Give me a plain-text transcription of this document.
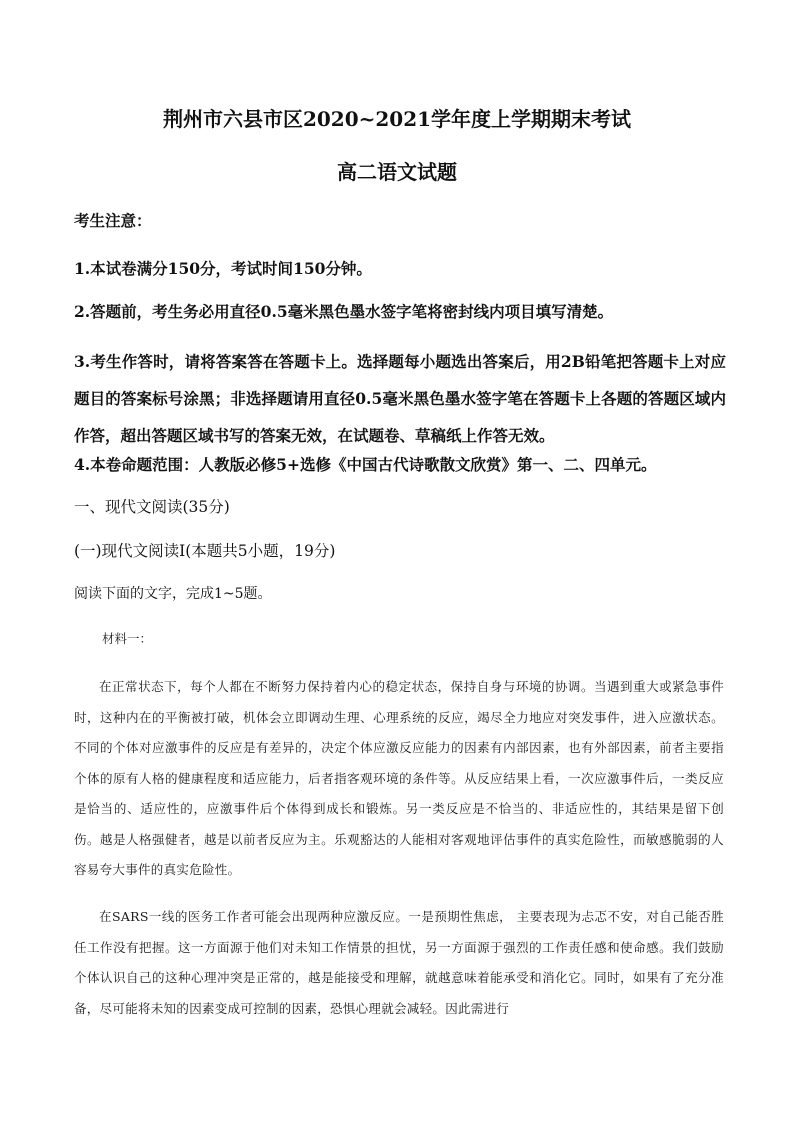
荆州市六县市区2020~2021学年度上学期期末考试
高二语文试题
考生注意：
1.本试卷满分150分，考试时间150分钟。
2.答题前，考生务必用直径0.5毫米黑色墨水签字笔将密封线内项目填写清楚。
3.考生作答时，请将答案答在答题卡上。选择题每小题选出答案后，用2B铅笔把答题卡上对应题目的答案标号涂黑；非选择题请用直径0.5毫米黑色墨水签字笔在答题卡上各题的答题区域内作答，超出答题区域书写的答案无效，在试题卷、草稿纸上作答无效。
4.本卷命题范围：人教版必修5+选修《中国古代诗歌散文欣赏》第一、二、四单元。
一、现代文阅读(35分)
(一)现代文阅读Ⅰ(本题共5小题，19分)
阅读下面的文字，完成1~5题。
材料一：
在正常状态下，每个人都在不断努力保持着内心的稳定状态，保持自身与环境的协调。当遇到重大或紧急事件时，这种内在的平衡被打破，机体会立即调动生理、心理系统的反应，竭尽全力地应对突发事件，进入应激状态。不同的个体对应激事件的反应是有差异的，决定个体应激反应能力的因素有内部因素，也有外部因素，前者主要指个体的原有人格的健康程度和适应能力，后者指客观环境的条件等。从反应结果上看，一次应激事件后，一类反应是恰当的、适应性的，应激事件后个体得到成长和锻炼。另一类反应是不恰当的、非适应性的，其结果是留下创伤。越是人格强健者，越是以前者反应为主。乐观豁达的人能相对客观地评估事件的真实危险性，而敏感脆弱的人容易夸大事件的真实危险性。
在SARS一线的医务工作者可能会出现两种应激反应。一是预期性焦虑， 主要表现为忐忑不安，对自己能否胜任工作没有把握。这一方面源于他们对未知工作情景的担忧，另一方面源于强烈的工作责任感和使命感。我们鼓励个体认识自己的这种心理冲突是正常的，越是能接受和理解，就越意味着能承受和消化它。同时，如果有了充分准备，尽可能将未知的因素变成可控制的因素，恐惧心理就会减轻。因此需进行
